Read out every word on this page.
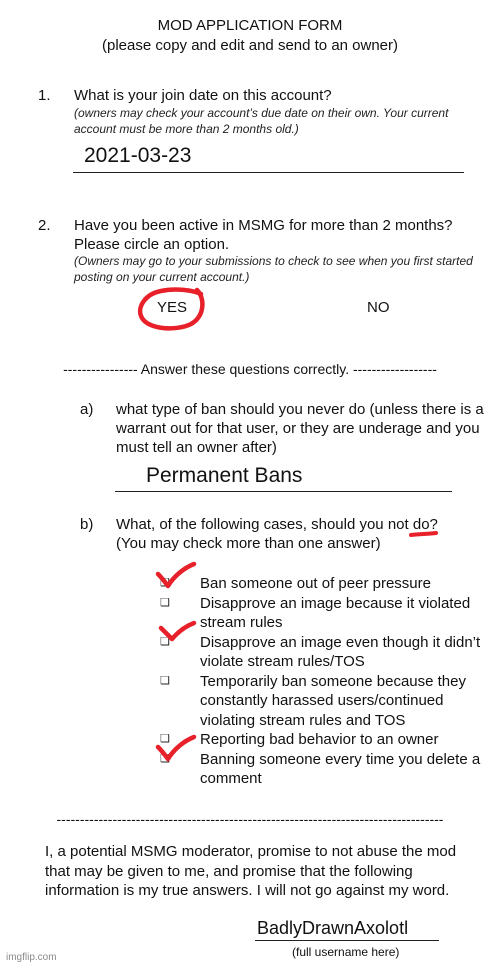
MOD APPLICATION FORM
(please copy and edit and send to an owner)
1. What is your join date on this account?
(owners may check your account’s due date on their own. Your current account must be more than 2 months old.)
2021-03-23
2. Have you been active in MSMG for more than 2 months?
Please circle an option.
(Owners may go to your submissions to check to see when you first started posting on your current account.)
YES	NO
---------------- Answer these questions correctly. ------------------
a) what type of ban should you never do (unless there is a warrant out for that user, or they are underage and you must tell an owner after)
Permanent Bans
b) What, of the following cases, should you not do?
(You may check more than one answer)
❑	Ban someone out of peer pressure
❑	Disapprove an image because it violated stream rules
❑	Disapprove an image even though it didn’t violate stream rules/TOS
❑	Temporarily ban someone because they constantly harassed users/continued violating stream rules and TOS
❑	Reporting bad behavior to an owner
❑	Banning someone every time you delete a comment
-----------------------------------------------------------------------------------
I, a potential MSMG moderator, promise to not abuse the mod that may be given to me, and promise that the following information is my true answers. I will not go against my word.
BadlyDrawnAxolotl
(full username here)
imgflip.com
